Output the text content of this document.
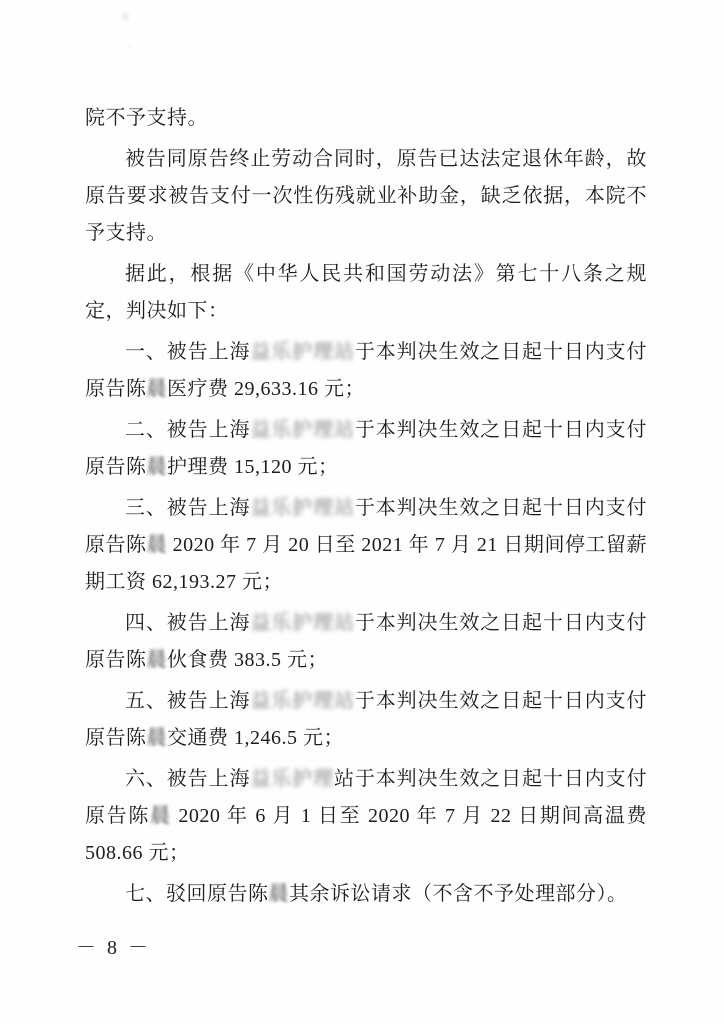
院不予支持。

被告同原告终止劳动合同时，原告已达法定退休年龄，故原告要求被告支付一次性伤残就业补助金，缺乏依据，本院不予支持。

据此，根据《中华人民共和国劳动法》第七十八条之规定，判决如下：

一、被告上海益乐护理站于本判决生效之日起十日内支付原告陈晨医疗费 29,633.16 元；

二、被告上海益乐护理站于本判决生效之日起十日内支付原告陈晨护理费 15,120 元；

三、被告上海益乐护理站于本判决生效之日起十日内支付原告陈晨 2020 年 7 月 20 日至 2021 年 7 月 21 日期间停工留薪期工资 62,193.27 元；

四、被告上海益乐护理站于本判决生效之日起十日内支付原告陈晨伙食费 383.5 元；

五、被告上海益乐护理站于本判决生效之日起十日内支付原告陈晨交通费 1,246.5 元；

六、被告上海益乐护理站于本判决生效之日起十日内支付原告陈晨 2020 年 6 月 1 日至 2020 年 7 月 22 日期间高温费 508.66 元；

七、驳回原告陈晨其余诉讼请求（不含不予处理部分）。

－ 8 －
